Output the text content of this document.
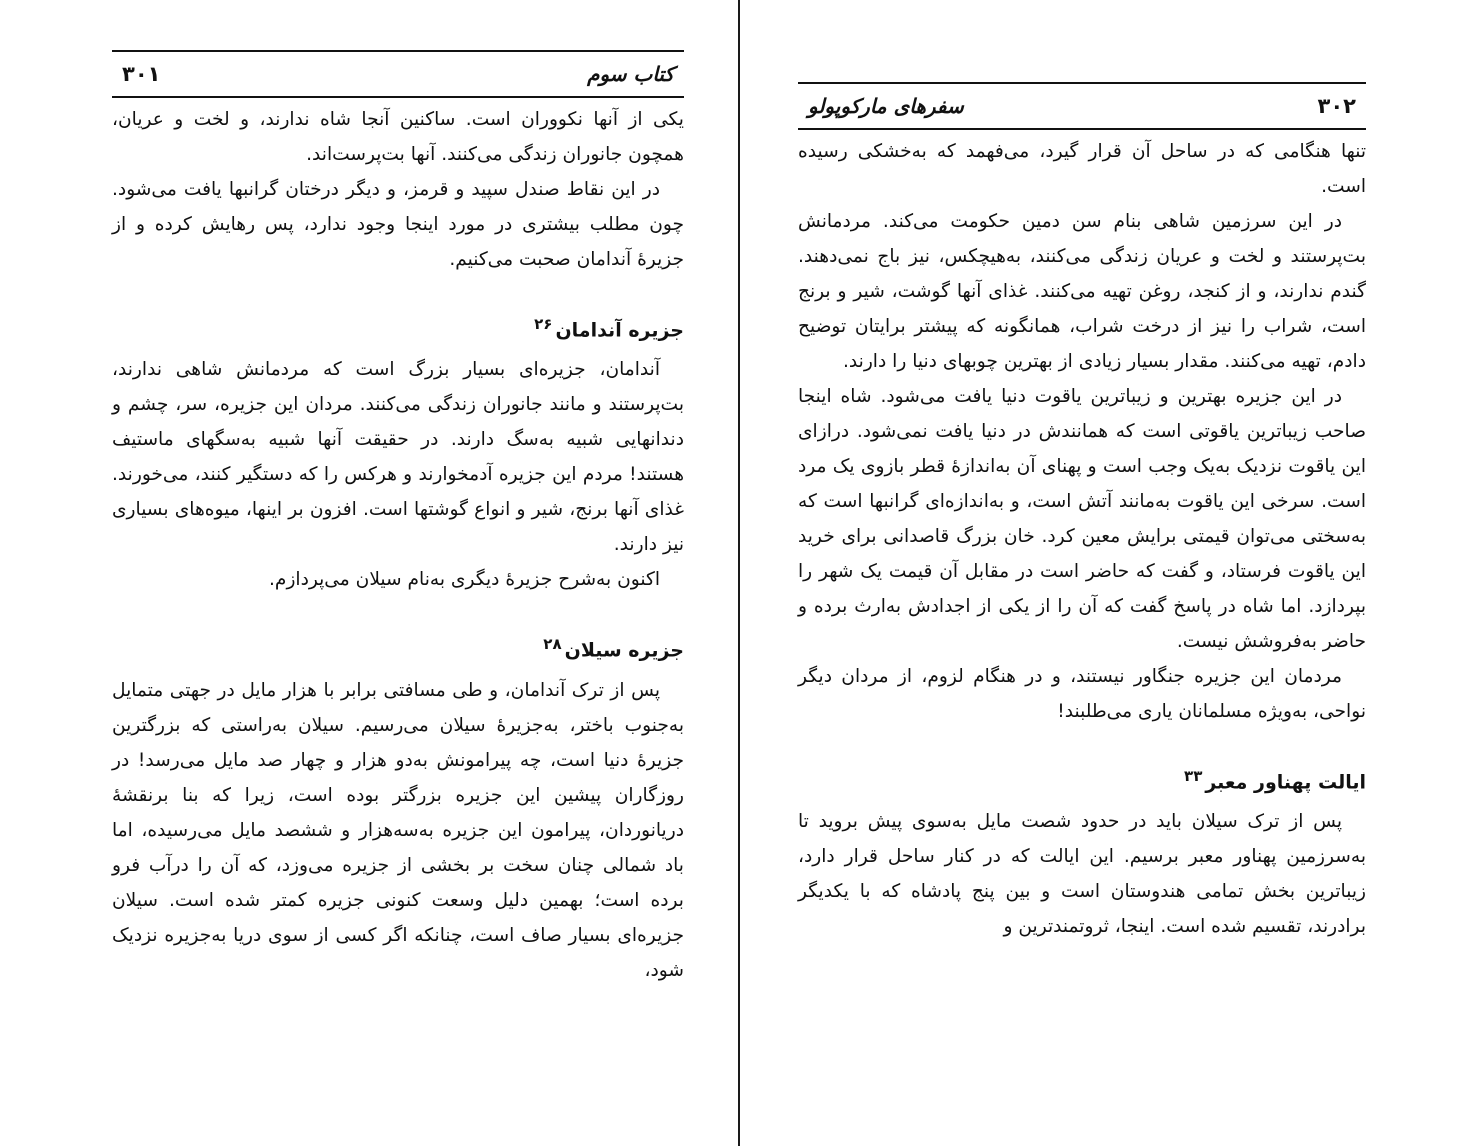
کتاب سوم
۳۰۱

یکی از آنها نکووران است. ساکنین آنجا شاه ندارند، و لخت و عریان، همچون جانوران زندگی می‌کنند. آنها بت‌پرست‌اند.

در این نقاط صندل سپید و قرمز، و دیگر درختان گرانبها یافت می‌شود. چون مطلب بیشتری در مورد اینجا وجود ندارد، پس رهایش کرده و از جزیرهٔ آندامان صحبت می‌کنیم.

جزیره آندامان$^{۲۶}$

آندامان، جزیره‌ای بسیار بزرگ است که مردمانش شاهی ندارند، بت‌پرستند و مانند جانوران زندگی می‌کنند. مردان این جزیره، سر، چشم و دندانهایی شبیه به‌سگ دارند. در حقیقت آنها شبیه به‌سگهای ماستیف هستند! مردم این جزیره آدمخوارند و هرکس را که دستگیر کنند، می‌خورند. غذای آنها برنج، شیر و انواع گوشتها است. افزون بر اینها، میوه‌های بسیاری نیز دارند.

اکنون به‌شرح جزیرهٔ دیگری به‌نام سیلان می‌پردازم.

جزیره سیلان$^{۲۸}$

پس از ترک آندامان، و طی مسافتی برابر با هزار مایل در جهتی متمایل به‌جنوب باختر، به‌جزیرهٔ سیلان می‌رسیم. سیلان به‌راستی که بزرگترین جزیرهٔ دنیا است، چه پیرامونش به‌دو هزار و چهار صد مایل می‌رسد! در روزگاران پیشین این جزیره بزرگتر بوده است، زیرا که بنا برنقشهٔ دریانوردان، پیرامون این جزیره به‌سه‌هزار و ششصد مایل می‌رسیده، اما باد شمالی چنان سخت بر بخشی از جزیره می‌وزد، که آن را درآب فرو برده است؛ بهمین دلیل وسعت کنونی جزیره کمتر شده است. سیلان جزیره‌ای بسیار صاف است، چنانکه اگر کسی از سوی دریا به‌جزیره نزدیک شود،

۳۰۲
سفرهای مارکوپولو

تنها هنگامی که در ساحل آن قرار گیرد، می‌فهمد که به‌خشکی رسیده است.

در این سرزمین شاهی بنام سن دمین حکومت می‌کند. مردمانش بت‌پرستند و لخت و عریان زندگی می‌کنند، به‌هیچکس، نیز باج نمی‌دهند. گندم ندارند، و از کنجد، روغن تهیه می‌کنند. غذای آنها گوشت، شیر و برنج است، شراب را نیز از درخت شراب، همانگونه که پیشتر برایتان توضیح دادم، تهیه می‌کنند. مقدار بسیار زیادی از بهترین چوبهای دنیا را دارند.

در این جزیره بهترین و زیباترین یاقوت دنیا یافت می‌شود. شاه اینجا صاحب زیباترین یاقوتی است که همانندش در دنیا یافت نمی‌شود. درازای این یاقوت نزدیک به‌یک وجب است و پهنای آن به‌اندازهٔ قطر بازوی یک مرد است. سرخی این یاقوت به‌مانند آتش است، و به‌اندازه‌ای گرانبها است که به‌سختی می‌توان قیمتی برایش معین کرد. خان بزرگ قاصدانی برای خرید این یاقوت فرستاد، و گفت که حاضر است در مقابل آن قیمت یک شهر را بپردازد. اما شاه در پاسخ گفت که آن را از یکی از اجدادش به‌ارث برده و حاضر به‌فروشش نیست.

مردمان این جزیره جنگاور نیستند، و در هنگام لزوم، از مردان دیگر نواحی، به‌ویژه مسلمانان یاری می‌طلبند!

ایالت پهناور معبر$^{۳۳}$

پس از ترک سیلان باید در حدود شصت مایل به‌سوی پیش بروید تا به‌سرزمین پهناور معبر برسیم. این ایالت که در کنار ساحل قرار دارد، زیباترین بخش تمامی هندوستان است و بین پنج پادشاه که با یکدیگر برادرند، تقسیم شده است. اینجا، ثروتمندترین و
